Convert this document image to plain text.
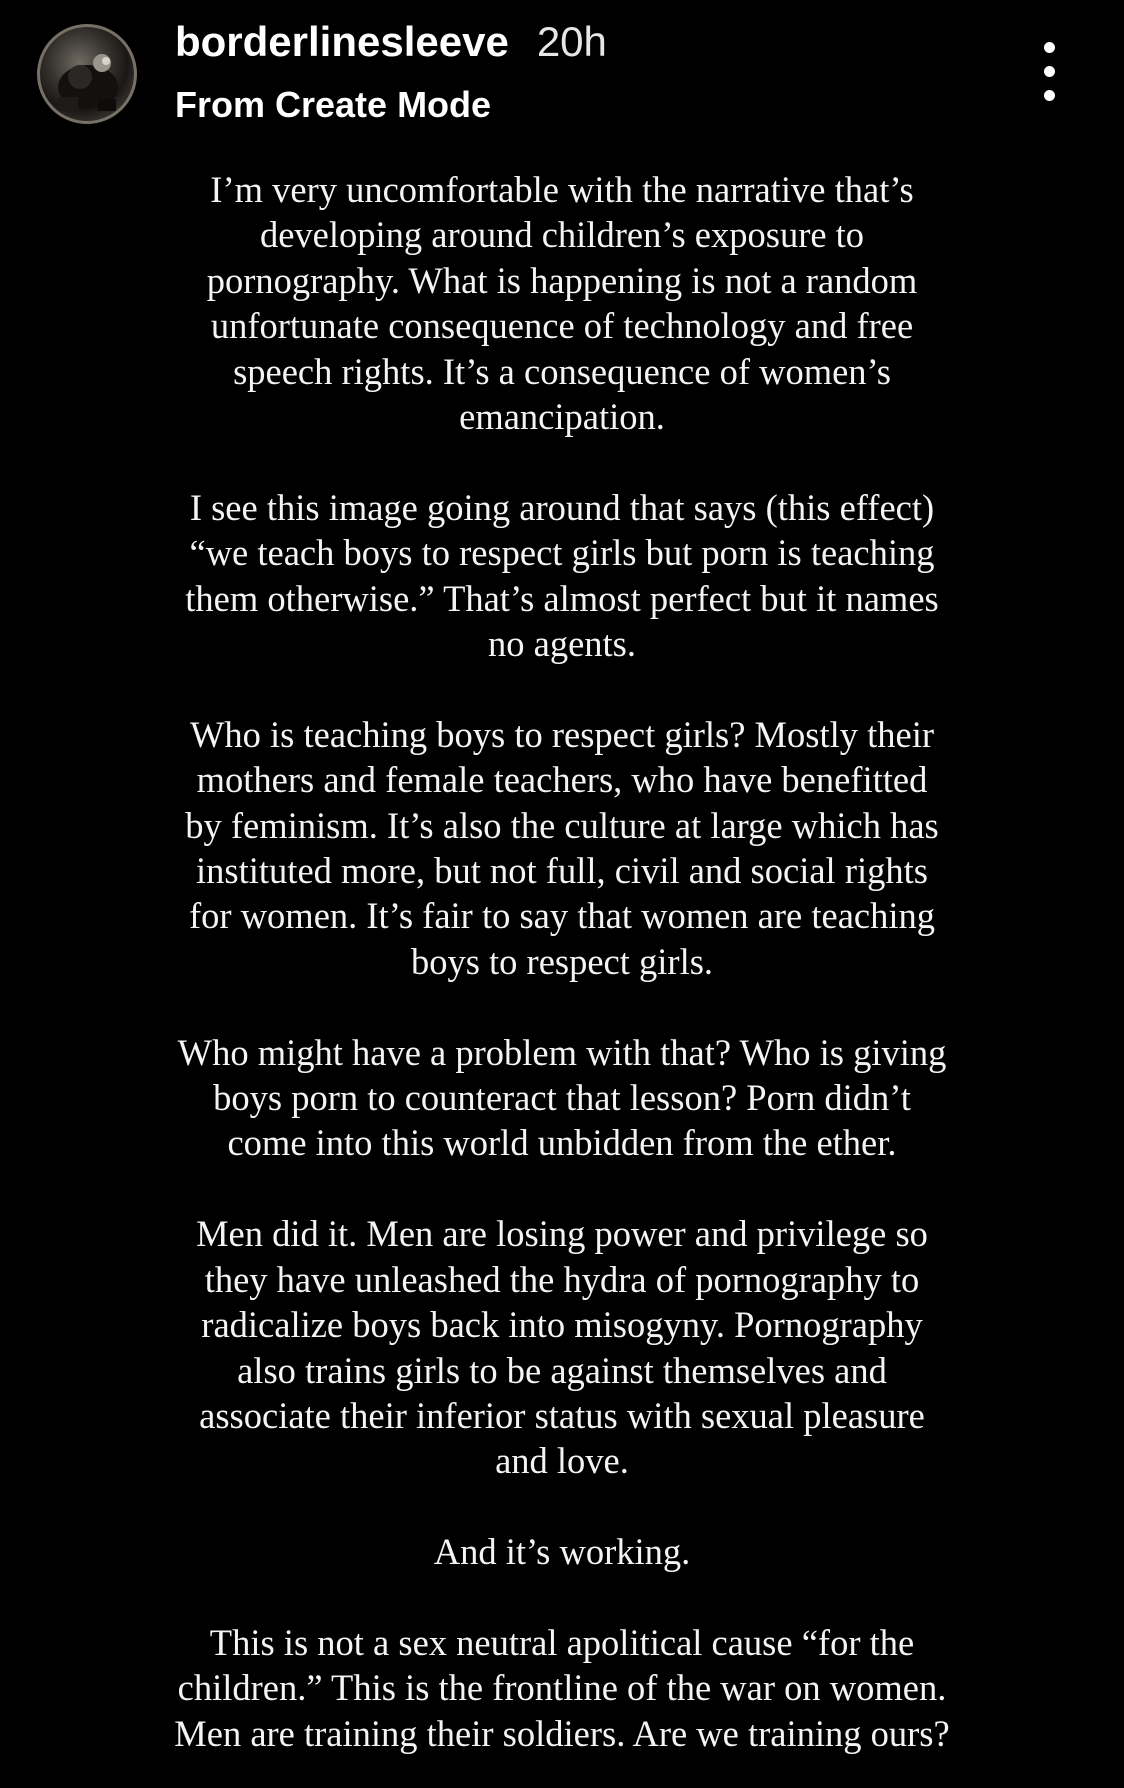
borderlinesleeve 20h
From Create Mode

I’m very uncomfortable with the narrative that’s
developing around children’s exposure to
pornography. What is happening is not a random
unfortunate consequence of technology and free
speech rights. It’s a consequence of women’s
emancipation.

I see this image going around that says (this effect)
“we teach boys to respect girls but porn is teaching
them otherwise.” That’s almost perfect but it names
no agents.

Who is teaching boys to respect girls? Mostly their
mothers and female teachers, who have benefitted
by feminism. It’s also the culture at large which has
instituted more, but not full, civil and social rights
for women. It’s fair to say that women are teaching
boys to respect girls.

Who might have a problem with that? Who is giving
boys porn to counteract that lesson? Porn didn’t
come into this world unbidden from the ether.

Men did it. Men are losing power and privilege so
they have unleashed the hydra of pornography to
radicalize boys back into misogyny. Pornography
also trains girls to be against themselves and
associate their inferior status with sexual pleasure
and love.

And it’s working.

This is not a sex neutral apolitical cause “for the
children.” This is the frontline of the war on women.
Men are training their soldiers. Are we training ours?
